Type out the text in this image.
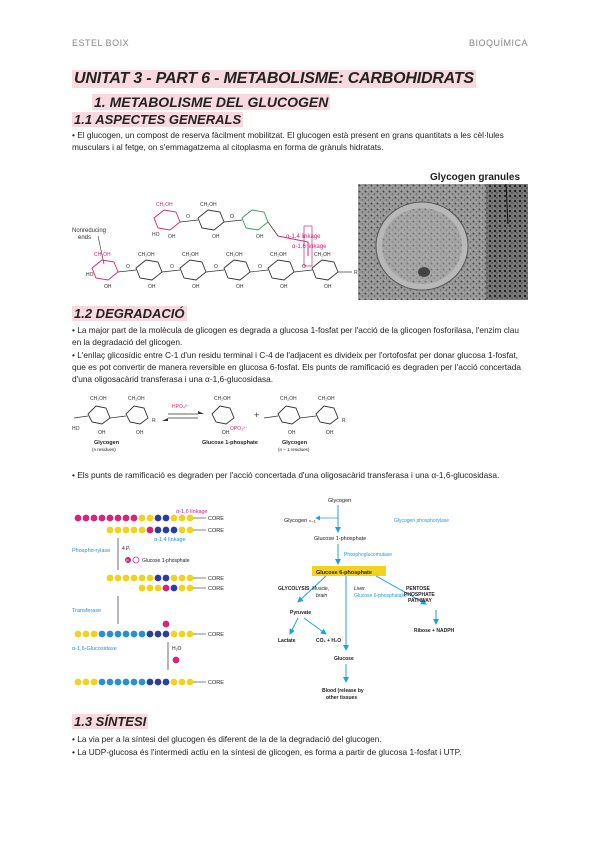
ESTEL BOIX	BIOQUÍMICA
UNITAT 3 - PART 6 - METABOLISME: CARBOHIDRATS
1. METABOLISME DEL GLUCOGEN
1.1 ASPECTES GENERALS

• El glucogen, un compost de reserva fàcilment mobilitzat. El glucogen està present en grans quantitats a les cèl·lules musculars i al fetge, on s'emmagatzema al citoplasma en forma de grànuls hidratats.

Nonreducing
ends	α-1,4 linkage
α-1,6 linkage
CH₂OH
CH₂OH
CH₂OH
CH₂OH	CH₂OH	CH₂OH	CH₂OH	CH₂OH
HO
HO
OH	OH	OH	OH	OH	OH
OH	OH	OH
O	O	O	O	O
O	O
R
Glycogen granules
1.2 DEGRADACIÓ

• La major part de la molècula de glicogen es degrada a glucosa 1-fosfat per l'acció de la glicogen fosforilasa, l'enzim clau en la degradació del glicogen.

• L'enllaç glicosídic entre C-1 d'un residu terminal i C-4 de l'adjacent es divideix per l'ortofosfat per donar glucosa 1-fosfat, que es pot convertir de manera reversible en glucosa 6-fosfat. Els punts de ramificació es degraden per l'acció concertada d'una oligosacàrid transferasa i una α-1,6-glucosidasa.

HPO₄²⁻
OPO₃²⁻
+
CH₂OH	CH₂OH	CH₂OH	CH₂OH	CH₂OH
HO
OH	OH	OH	OH	OH
R	R
Glycogen	Glucose 1-phosphate	Glycogen
(n residues)	(n − 1 residues)

• Els punts de ramificació es degraden per l'acció concertada d'una oligosacàrid transferasa i una α-1,6-glucosidasa.

α-1,6 linkage
α-1,4 linkage
CORE
CORE
Phospho-rylase 4 Pᵢ
P	Glucose 1-phosphate
CORE
CORE
Transferase
CORE
α-1,6-Glucosidase	H₂O
CORE
Glycogen
Glycogen ₙ₋₁	Glycogen phosphorylase
Glucose 1-phosphate
Phosphoglucomutase
Glucose 6-phosphate
GLYCOLYSIS Muscle,
brain
Liver
Glucose 6-phosphatase
PENTOSE
PHOSPHATE
PATHWAY
Pyruvate
Lactate	CO₂ + H₂O
Ribose + NADPH
Glucose
Blood (release by
other tissues
1.3 SÍNTESI

• La via per a la síntesi del glucogen és diferent de la de la degradació del glucogen.

• La UDP-glucosa és l'intermedi actiu en la síntesi de glicogen, es forma a partir de glucosa 1-fosfat i UTP.
